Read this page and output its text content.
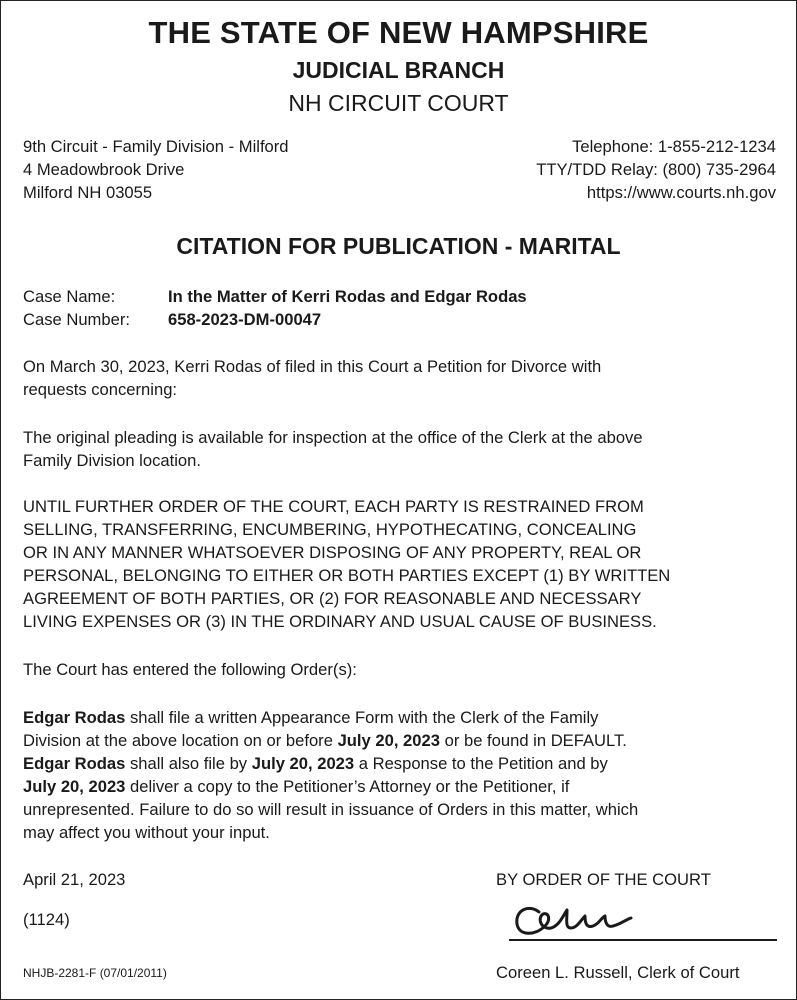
THE STATE OF NEW HAMPSHIRE
JUDICIAL BRANCH
NH CIRCUIT COURT
9th Circuit - Family Division - Milford
4 Meadowbrook Drive
Milford NH 03055
Telephone: 1-855-212-1234
TTY/TDD Relay: (800) 735-2964
https://www.courts.nh.gov
CITATION FOR PUBLICATION - MARITAL
Case Name:	In the Matter of Kerri Rodas and Edgar Rodas
Case Number: 658-2023-DM-00047
On March 30, 2023, Kerri Rodas of filed in this Court a Petition for Divorce with
requests concerning:
The original pleading is available for inspection at the office of the Clerk at the above
Family Division location.
UNTIL FURTHER ORDER OF THE COURT, EACH PARTY IS RESTRAINED FROM
SELLING, TRANSFERRING, ENCUMBERING, HYPOTHECATING, CONCEALING
OR IN ANY MANNER WHATSOEVER DISPOSING OF ANY PROPERTY, REAL OR
PERSONAL, BELONGING TO EITHER OR BOTH PARTIES EXCEPT (1) BY WRITTEN
AGREEMENT OF BOTH PARTIES, OR (2) FOR REASONABLE AND NECESSARY
LIVING EXPENSES OR (3) IN THE ORDINARY AND USUAL CAUSE OF BUSINESS.
The Court has entered the following Order(s):
Edgar Rodas shall file a written Appearance Form with the Clerk of the Family
Division at the above location on or before July 20, 2023 or be found in DEFAULT.
Edgar Rodas shall also file by July 20, 2023 a Response to the Petition and by
July 20, 2023 deliver a copy to the Petitioner’s Attorney or the Petitioner, if
unrepresented. Failure to do so will result in issuance of Orders in this matter, which
may affect you without your input.
April 21, 2023	BY ORDER OF THE COURT
(1124)
NHJB-2281-F (07/01/2011)	Coreen L. Russell, Clerk of Court
